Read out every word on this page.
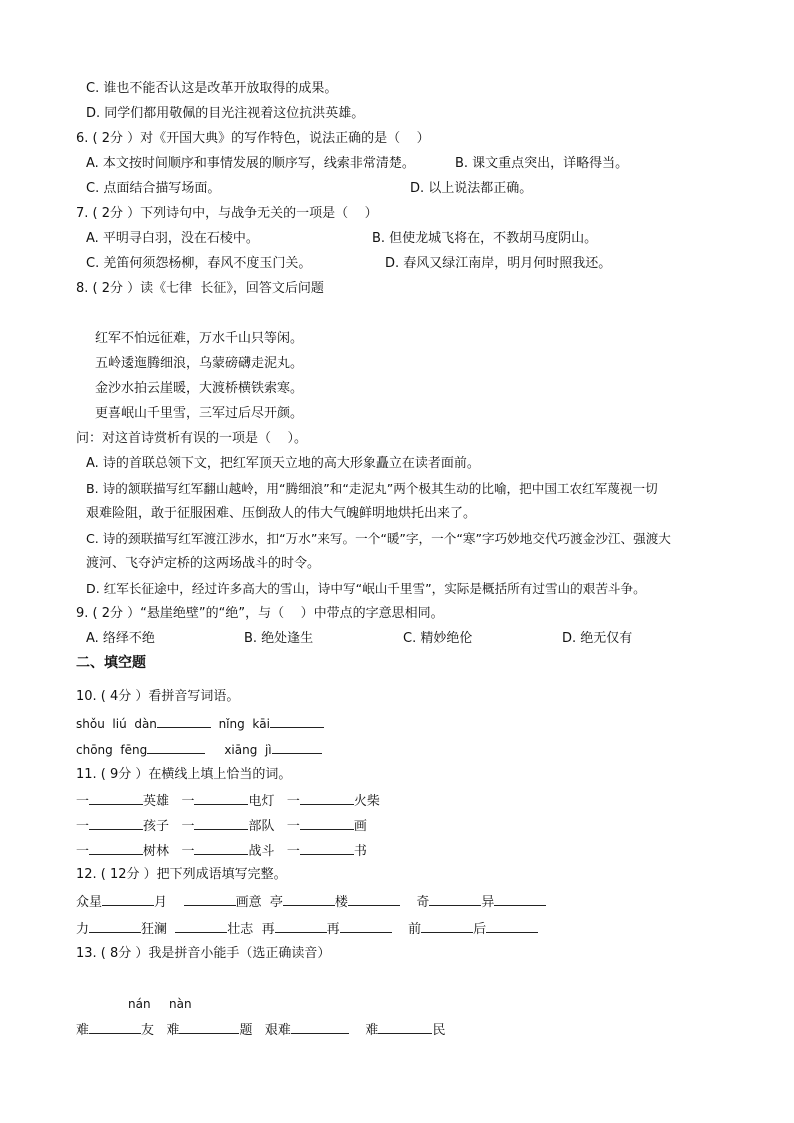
C. 谁也不能否认这是改革开放取得的成果。
D. 同学们都用敬佩的目光注视着这位抗洪英雄。
6. ( 2分 ）对《开国大典》的写作特色，说法正确的是（    ）
A. 本文按时间顺序和事情发展的顺序写，线索非常清楚。	B. 课文重点突出，详略得当。
C. 点面结合描写场面。	D. 以上说法都正确。
7. ( 2分 ）下列诗句中，与战争无关的一项是（    ）
A. 平明寻白羽，没在石棱中。	B. 但使龙城飞将在，不教胡马度阴山。
C. 羌笛何须怨杨柳，春风不度玉门关。	D. 春风又绿江南岸，明月何时照我还。
8. ( 2分 ）读《七律  长征》，回答文后问题
红军不怕远征难，万水千山只等闲。
五岭逶迤腾细浪，乌蒙磅礴走泥丸。
金沙水拍云崖暖，大渡桥横铁索寒。
更喜岷山千里雪，三军过后尽开颜。
问：对这首诗赏析有误的一项是（    ）。
A. 诗的首联总领下文，把红军顶天立地的高大形象矗立在读者面前。
B. 诗的颔联描写红军翻山越岭，用“腾细浪”和“走泥丸”两个极其生动的比喻，把中国工农红军蔑视一切
艰难险阻，敢于征服困难、压倒敌人的伟大气魄鲜明地烘托出来了。
C. 诗的颈联描写红军渡江涉水，扣“万水”来写。一个“暖”字，一个“寒”字巧妙地交代巧渡金沙江、强渡大
渡河、飞夺泸定桥的这两场战斗的时令。
D. 红军长征途中，经过许多高大的雪山，诗中写“岷山千里雪”，实际是概括所有过雪山的艰苦斗争。
9. ( 2分 ）“悬崖绝壁”的“绝”，与（    ）中带点的字意思相同。
A. 络绎不绝	B. 绝处逢生	C. 精妙绝伦	D. 绝无仅有
二、填空题
10. ( 4分 ）看拼音写词语。
shǒu  liú  dàn	nǐng  kāi
chōng  fēng	xiāng  jì
11. ( 9分 ）在横线上填上恰当的词。
一	英雄 一	电灯 一	火柴
一	孩子 一	部队 一	画
一	树林 一	战斗 一	书
12. ( 12分 ）把下列成语填写完整。
众星	月	画意 亭	楼	奇	异
力	狂澜	壮志 再	再	前	后
13. ( 8分 ）我是拼音小能手（选正确读音）
nán nàn
难	友 难	题 艰难	难	民
